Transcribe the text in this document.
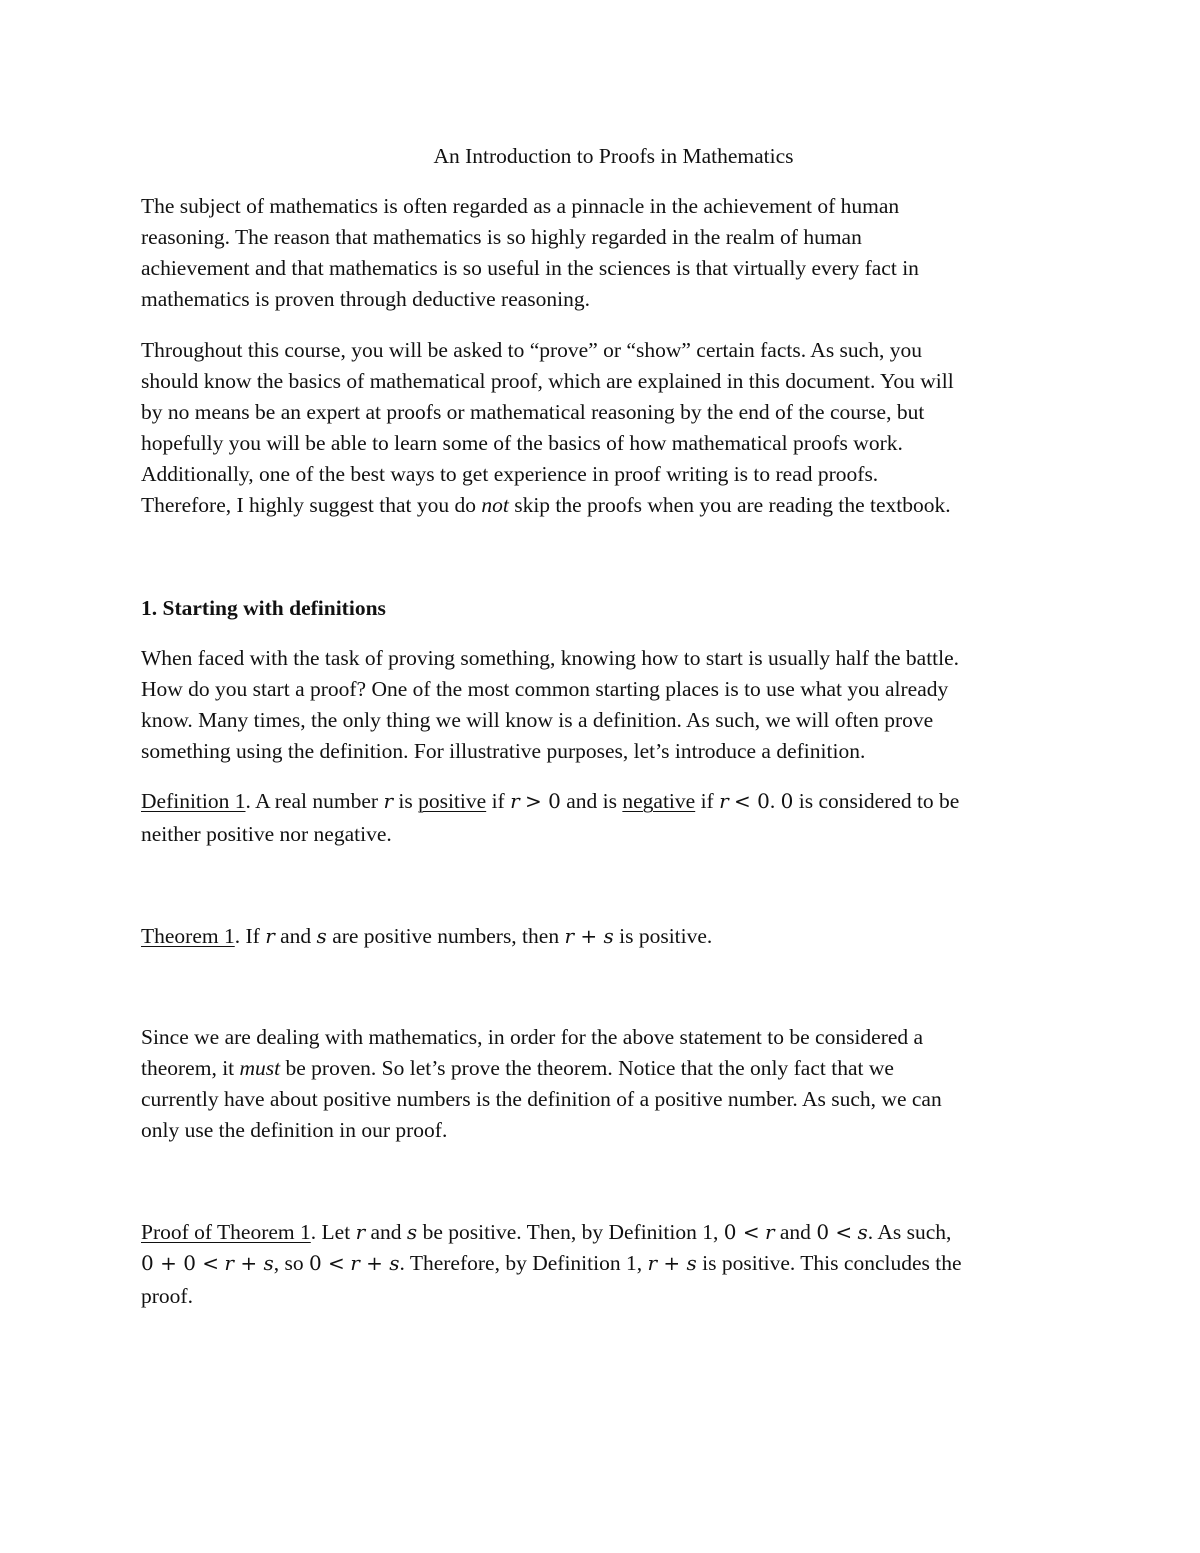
An Introduction to Proofs in Mathematics
The subject of mathematics is often regarded as a pinnacle in the achievement of human
reasoning. The reason that mathematics is so highly regarded in the realm of human
achievement and that mathematics is so useful in the sciences is that virtually every fact in
mathematics is proven through deductive reasoning.
Throughout this course, you will be asked to “prove” or “show” certain facts. As such, you
should know the basics of mathematical proof, which are explained in this document. You will
by no means be an expert at proofs or mathematical reasoning by the end of the course, but
hopefully you will be able to learn some of the basics of how mathematical proofs work.
Additionally, one of the best ways to get experience in proof writing is to read proofs.
Therefore, I highly suggest that you do not skip the proofs when you are reading the textbook.
1. Starting with definitions
When faced with the task of proving something, knowing how to start is usually half the battle.
How do you start a proof? One of the most common starting places is to use what you already
know. Many times, the only thing we will know is a definition. As such, we will often prove
something using the definition. For illustrative purposes, let’s introduce a definition.
Definition 1. A real number r is positive if r > 0 and is negative if r < 0. 0 is considered to be
neither positive nor negative.
Theorem 1. If r and s are positive numbers, then r + s is positive.
Since we are dealing with mathematics, in order for the above statement to be considered a
theorem, it must be proven. So let’s prove the theorem. Notice that the only fact that we
currently have about positive numbers is the definition of a positive number. As such, we can
only use the definition in our proof.
Proof of Theorem 1. Let r and s be positive. Then, by Definition 1, 0 < r and 0 < s. As such,
0 + 0 < r + s, so 0 < r + s. Therefore, by Definition 1, r + s is positive. This concludes the
proof.
